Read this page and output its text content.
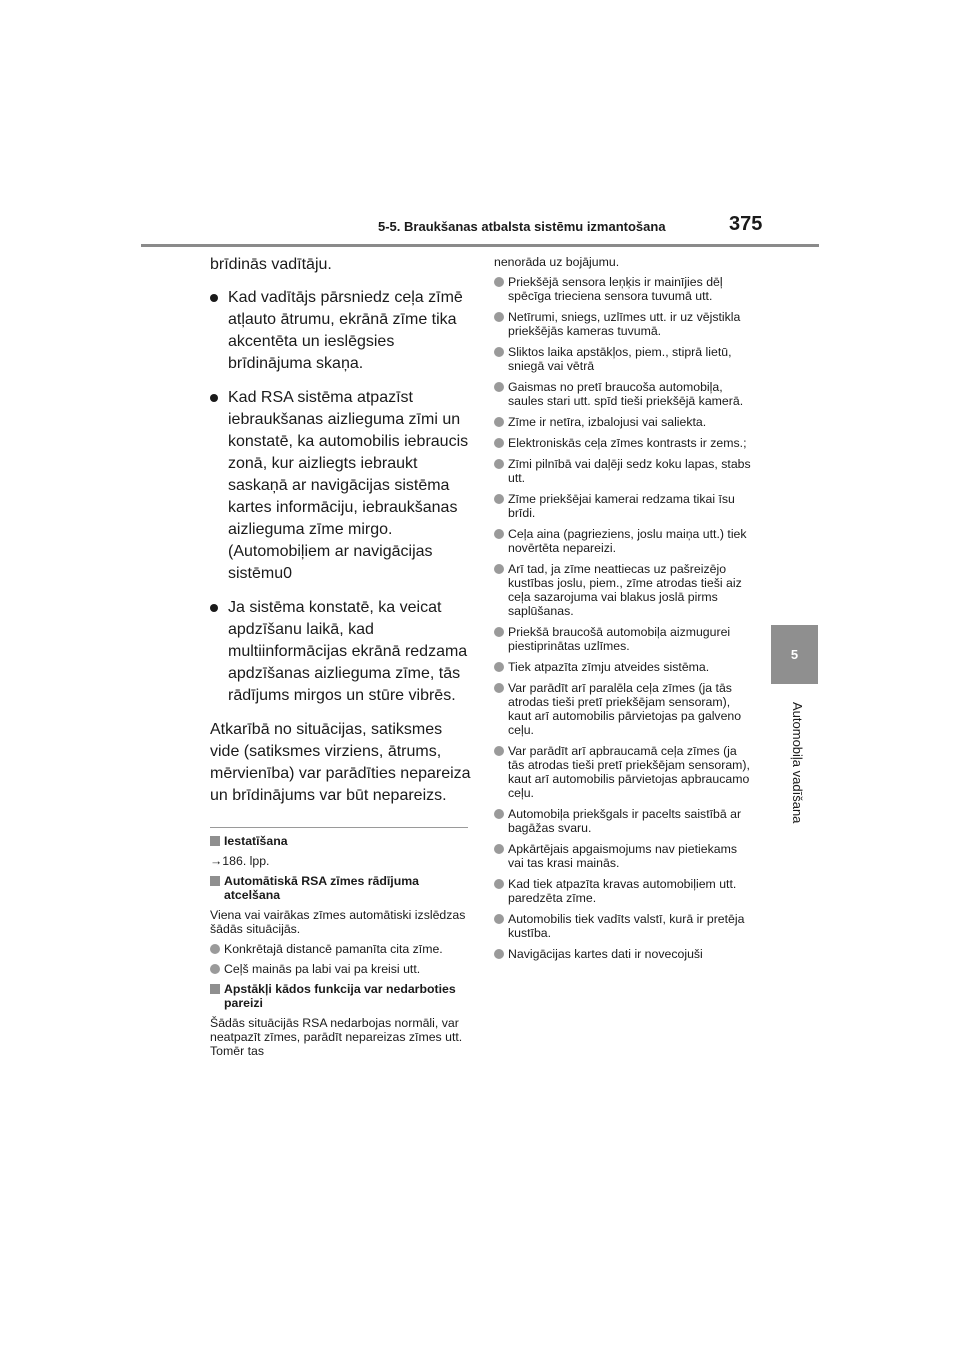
5-5. Braukšanas atbalsta sistēmu izmantošana	375
5
Automobiļa vadīšana

brīdinās vadītāju.

Kad vadītājs pārsniedz ceļa zīmē atļauto ātrumu, ekrānā zīme tika akcentēta un ieslēgsies brīdinājuma skaņa.
Kad RSA sistēma atpazīst iebraukšanas aizlieguma zīmi un konstatē, ka automobilis iebraucis zonā, kur aizliegts iebraukt saskaņā ar navigācijas sistēma kartes informāciju, iebraukšanas aizlieguma zīme mirgo. (Automobiļiem ar navigācijas sistēmu0
Ja sistēma konstatē, ka veicat apdzīšanu laikā, kad multiinformācijas ekrānā redzama apdzīšanas aizlieguma zīme, tās rādījums mirgos un stūre vibrēs.

Atkarībā no situācijas, satiksmes vide (satiksmes virziens, ātrums, mērvienība) var parādīties nepareiza un brīdinājums var būt nepareizs.

Iestatīšana

→186. lpp.

Automātiskā RSA zīmes rādījuma atcelšana

Viena vai vairākas zīmes automātiski izslēdzas šādās situācijās.

Konkrētajā distancē pamanīta cita zīme.
Ceļš mainās pa labi vai pa kreisi utt.
Apstākļi kādos funkcija var nedarboties pareizi

Šādās situācijās RSA nedarbojas normāli, var neatpazīt zīmes, parādīt nepareizas zīmes utt. Tomēr tas

nenorāda uz bojājumu.

Priekšējā sensora leņķis ir mainījies dēļ spēcīga trieciena sensora tuvumā utt.
Netīrumi, sniegs, uzlīmes utt. ir uz vējstikla priekšējās kameras tuvumā.
Sliktos laika apstākļos, piem., stiprā lietū, sniegā vai vētrā
Gaismas no pretī braucoša automobiļa, saules stari utt. spīd tieši priekšējā kamerā.
Zīme ir netīra, izbalojusi vai saliekta.
Elektroniskās ceļa zīmes kontrasts ir zems.;
Zīmi pilnībā vai daļēji sedz koku lapas, stabs utt.
Zīme priekšējai kamerai redzama tikai īsu brīdi.
Ceļa aina (pagrieziens, joslu maiņa utt.) tiek novērtēta nepareizi.
Arī tad, ja zīme neattiecas uz pašreizējo kustības joslu, piem., zīme atrodas tieši aiz ceļa sazarojuma vai blakus joslā pirms saplūšanas.
Priekšā braucošā automobiļa aizmugurei piestiprinātas uzlīmes.
Tiek atpazīta zīmju atveides sistēma.
Var parādīt arī paralēla ceļa zīmes (ja tās atrodas tieši pretī priekšējam sensoram), kaut arī automobilis pārvietojas pa galveno ceļu.
Var parādīt arī apbraucamā ceļa zīmes (ja tās atrodas tieši pretī priekšējam sensoram), kaut arī automobilis pārvietojas apbraucamo ceļu.
Automobiļa priekšgals ir pacelts saistībā ar bagāžas svaru.
Apkārtējais apgaismojums nav pietiekams vai tas krasi mainās.
Kad tiek atpazīta kravas automobiļiem utt. paredzēta zīme.
Automobilis tiek vadīts valstī, kurā ir pretēja kustība.
Navigācijas kartes dati ir novecojuši
